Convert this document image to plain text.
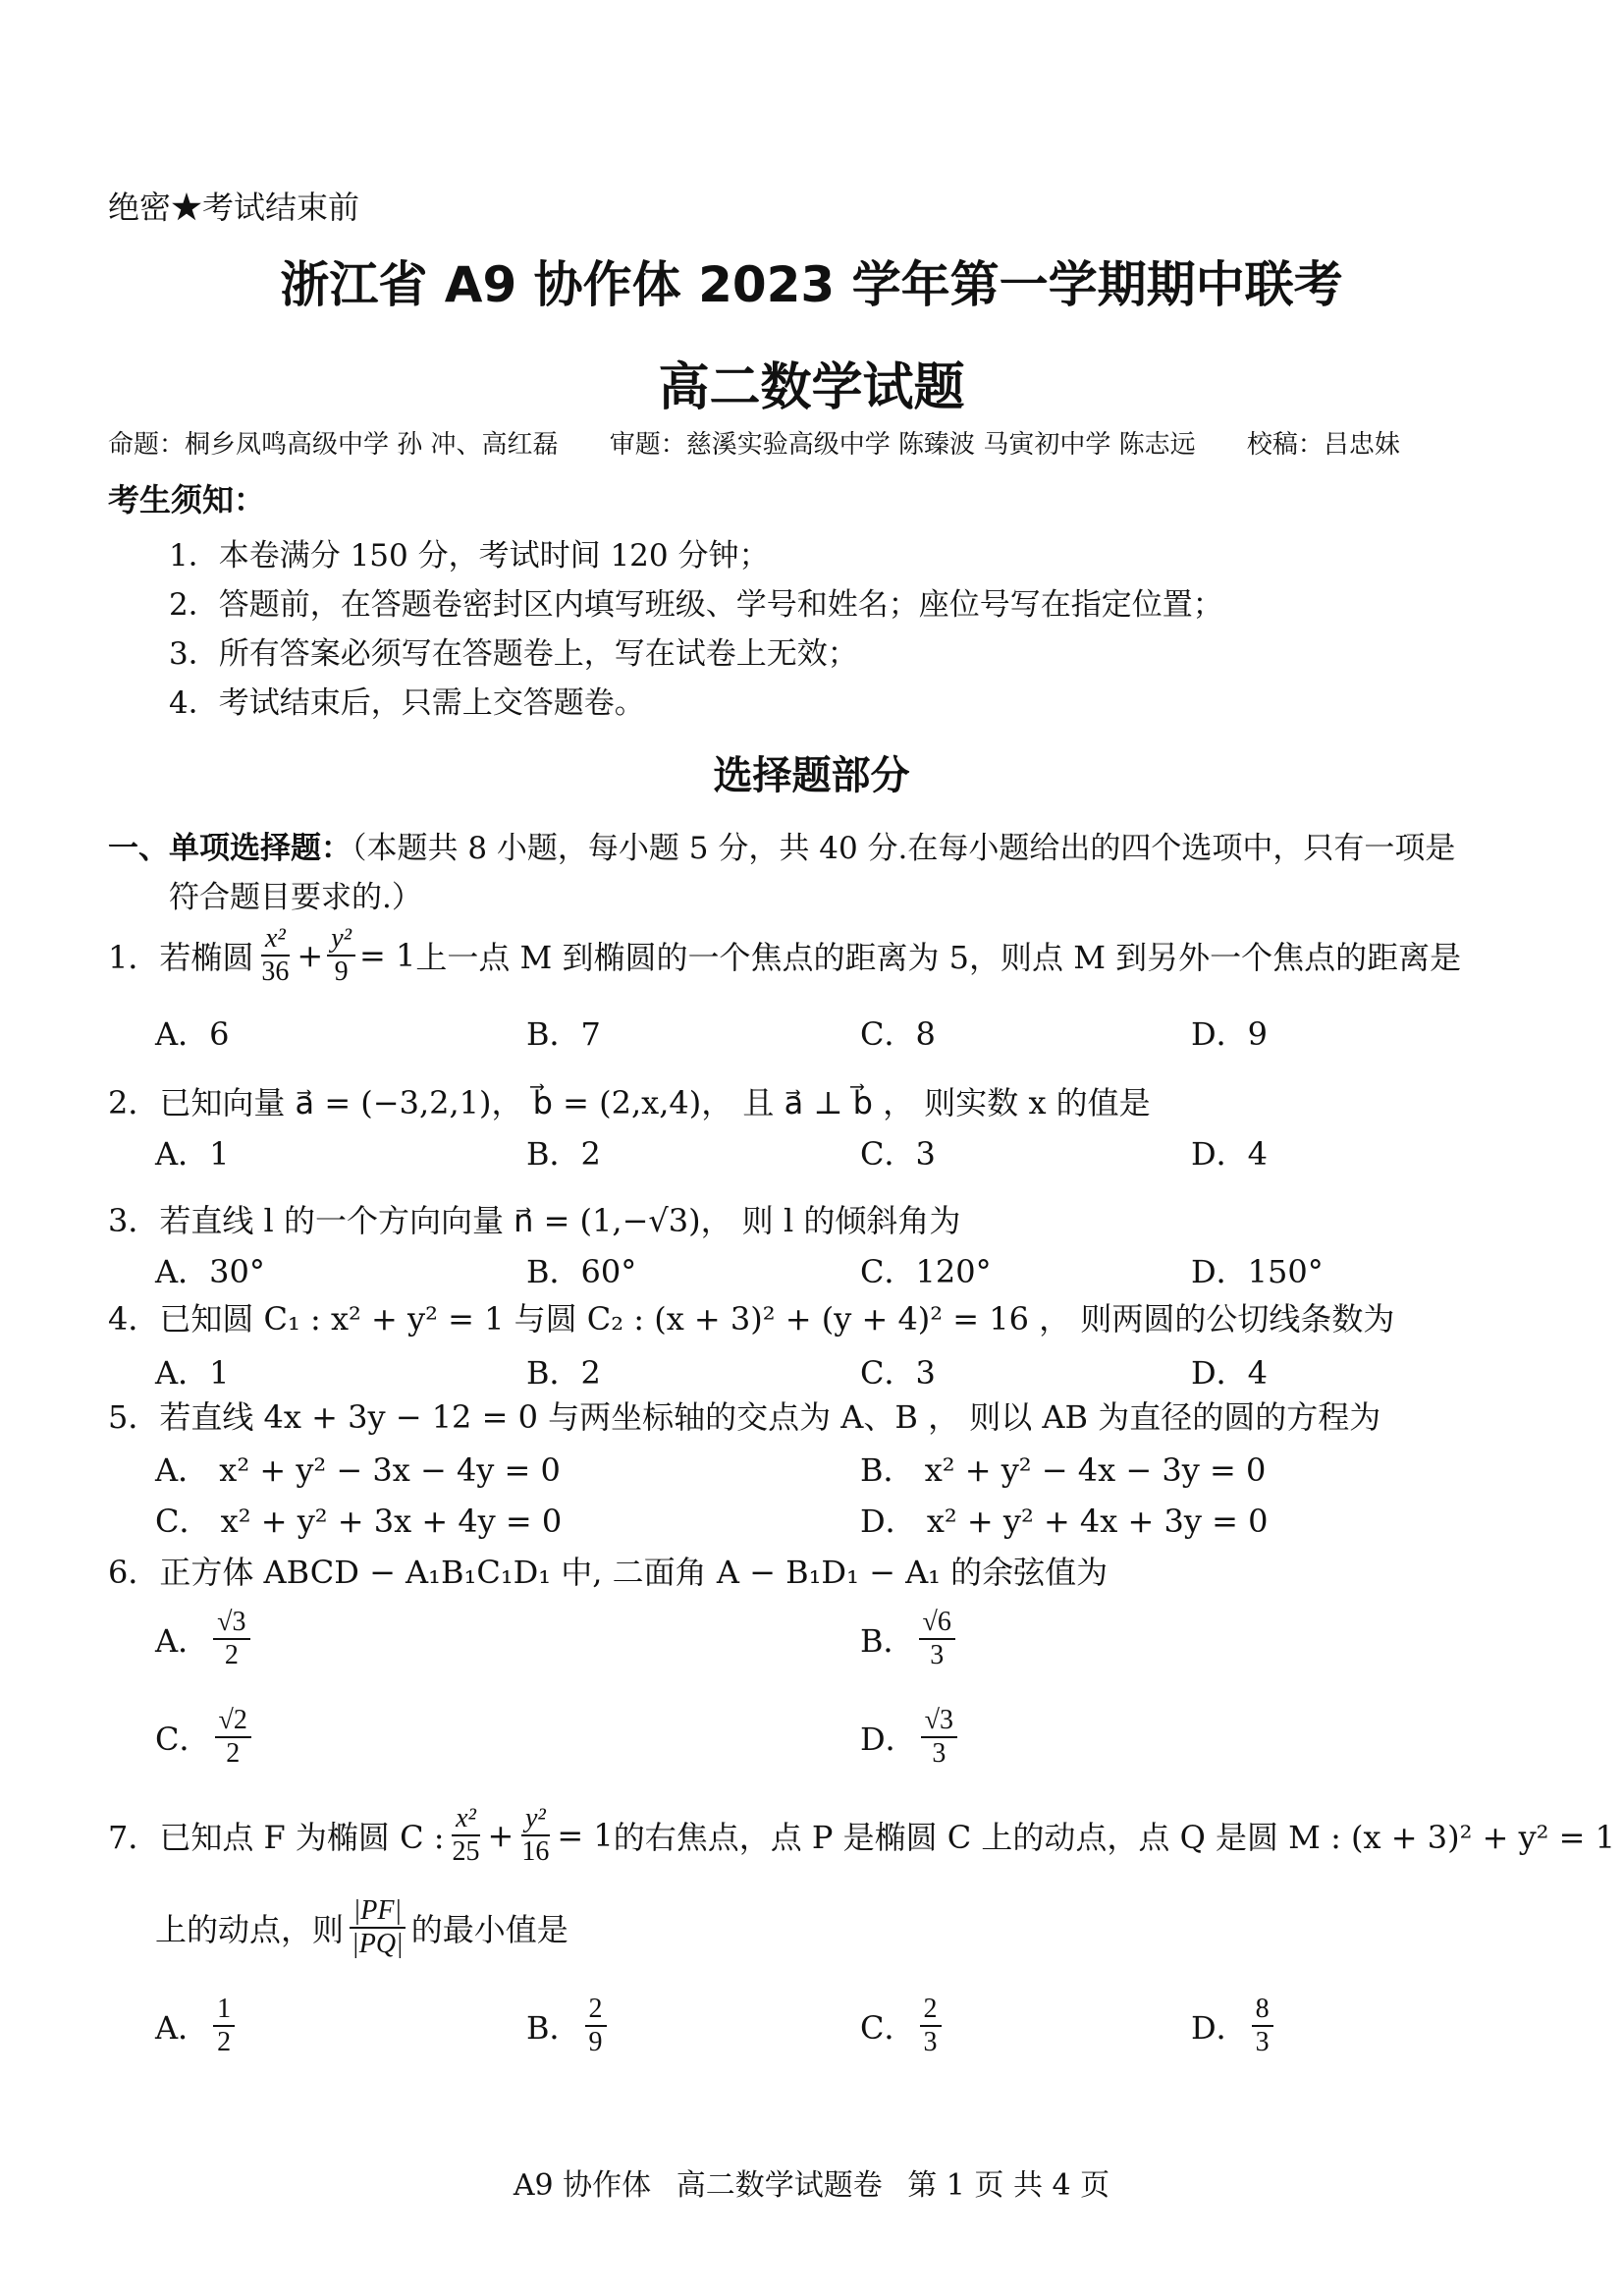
绝密★考试结束前
浙江省 A9 协作体 2023 学年第一学期期中联考
高二数学试题
命题：桐乡凤鸣高级中学 孙 冲、高红磊 审题：慈溪实验高级中学 陈臻波 马寅初中学 陈志远 校稿：吕忠妹
考生须知：
1．本卷满分 150 分，考试时间 120 分钟；
2．答题前，在答题卷密封区内填写班级、学号和姓名；座位号写在指定位置；
3．所有答案必须写在答题卷上，写在试卷上无效；
4．考试结束后，只需上交答题卷。
选择题部分
一、单项选择题：（本题共 8 小题，每小题 5 分，共 40 分.在每小题给出的四个选项中，只有一项是
符合题目要求的.）
1． 若椭圆 $\frac{\text{x²}}{36} + \frac{\text{y²}}{9} = 1$ 上一点 M 到椭圆的一个焦点的距离为 5，则点 M 到另外一个焦点的距离是
A．6	B．7	C．8	D．9
2．已知向量 a⃗ = (−3,2,1)， b⃗ = (2,x,4)， 且 a⃗ ⊥ b⃗ ， 则实数 x 的值是
A．1	B．2	C．3	D．4
3．若直线 l 的一个方向向量 n⃗ = (1,−√3)， 则 l 的倾斜角为
A．30°	B．60°	C．120°	D．150°
4．已知圆 C₁ : x² + y² = 1 与圆 C₂ : (x + 3)² + (y + 4)² = 16 ， 则两圆的公切线条数为
A．1	B．2	C．3	D．4
5．若直线 4x + 3y − 12 = 0 与两坐标轴的交点为 A、B ， 则以 AB 为直径的圆的方程为
A． x² + y² − 3x − 4y = 0	B． x² + y² − 4x − 3y = 0
C． x² + y² + 3x + 4y = 0	D． x² + y² + 4x + 3y = 0
6．正方体 ABCD − A₁B₁C₁D₁ 中, 二面角 A − B₁D₁ − A₁ 的余弦值为
A． $\frac{√3}{2}$	B． $\frac{√6}{3}$
C． $\frac{√2}{2}$	D． $\frac{√3}{3}$
7． 已知点 F 为椭圆 C : $\frac{\text{x²}}{25} + \frac{\text{y²}}{16} = 1$ 的右焦点，点 P 是椭圆 C 上的动点，点 Q 是圆 M : (x + 3)² + y² = 1
上的动点，则 $\frac{|PF|}{|PQ|}$ 的最小值是
A． $\frac{1}{2}$	B． $\frac{2}{9}$	C． $\frac{2}{3}$	D． $\frac{8}{3}$
A9 协作体 高二数学试题卷 第 1 页 共 4 页
